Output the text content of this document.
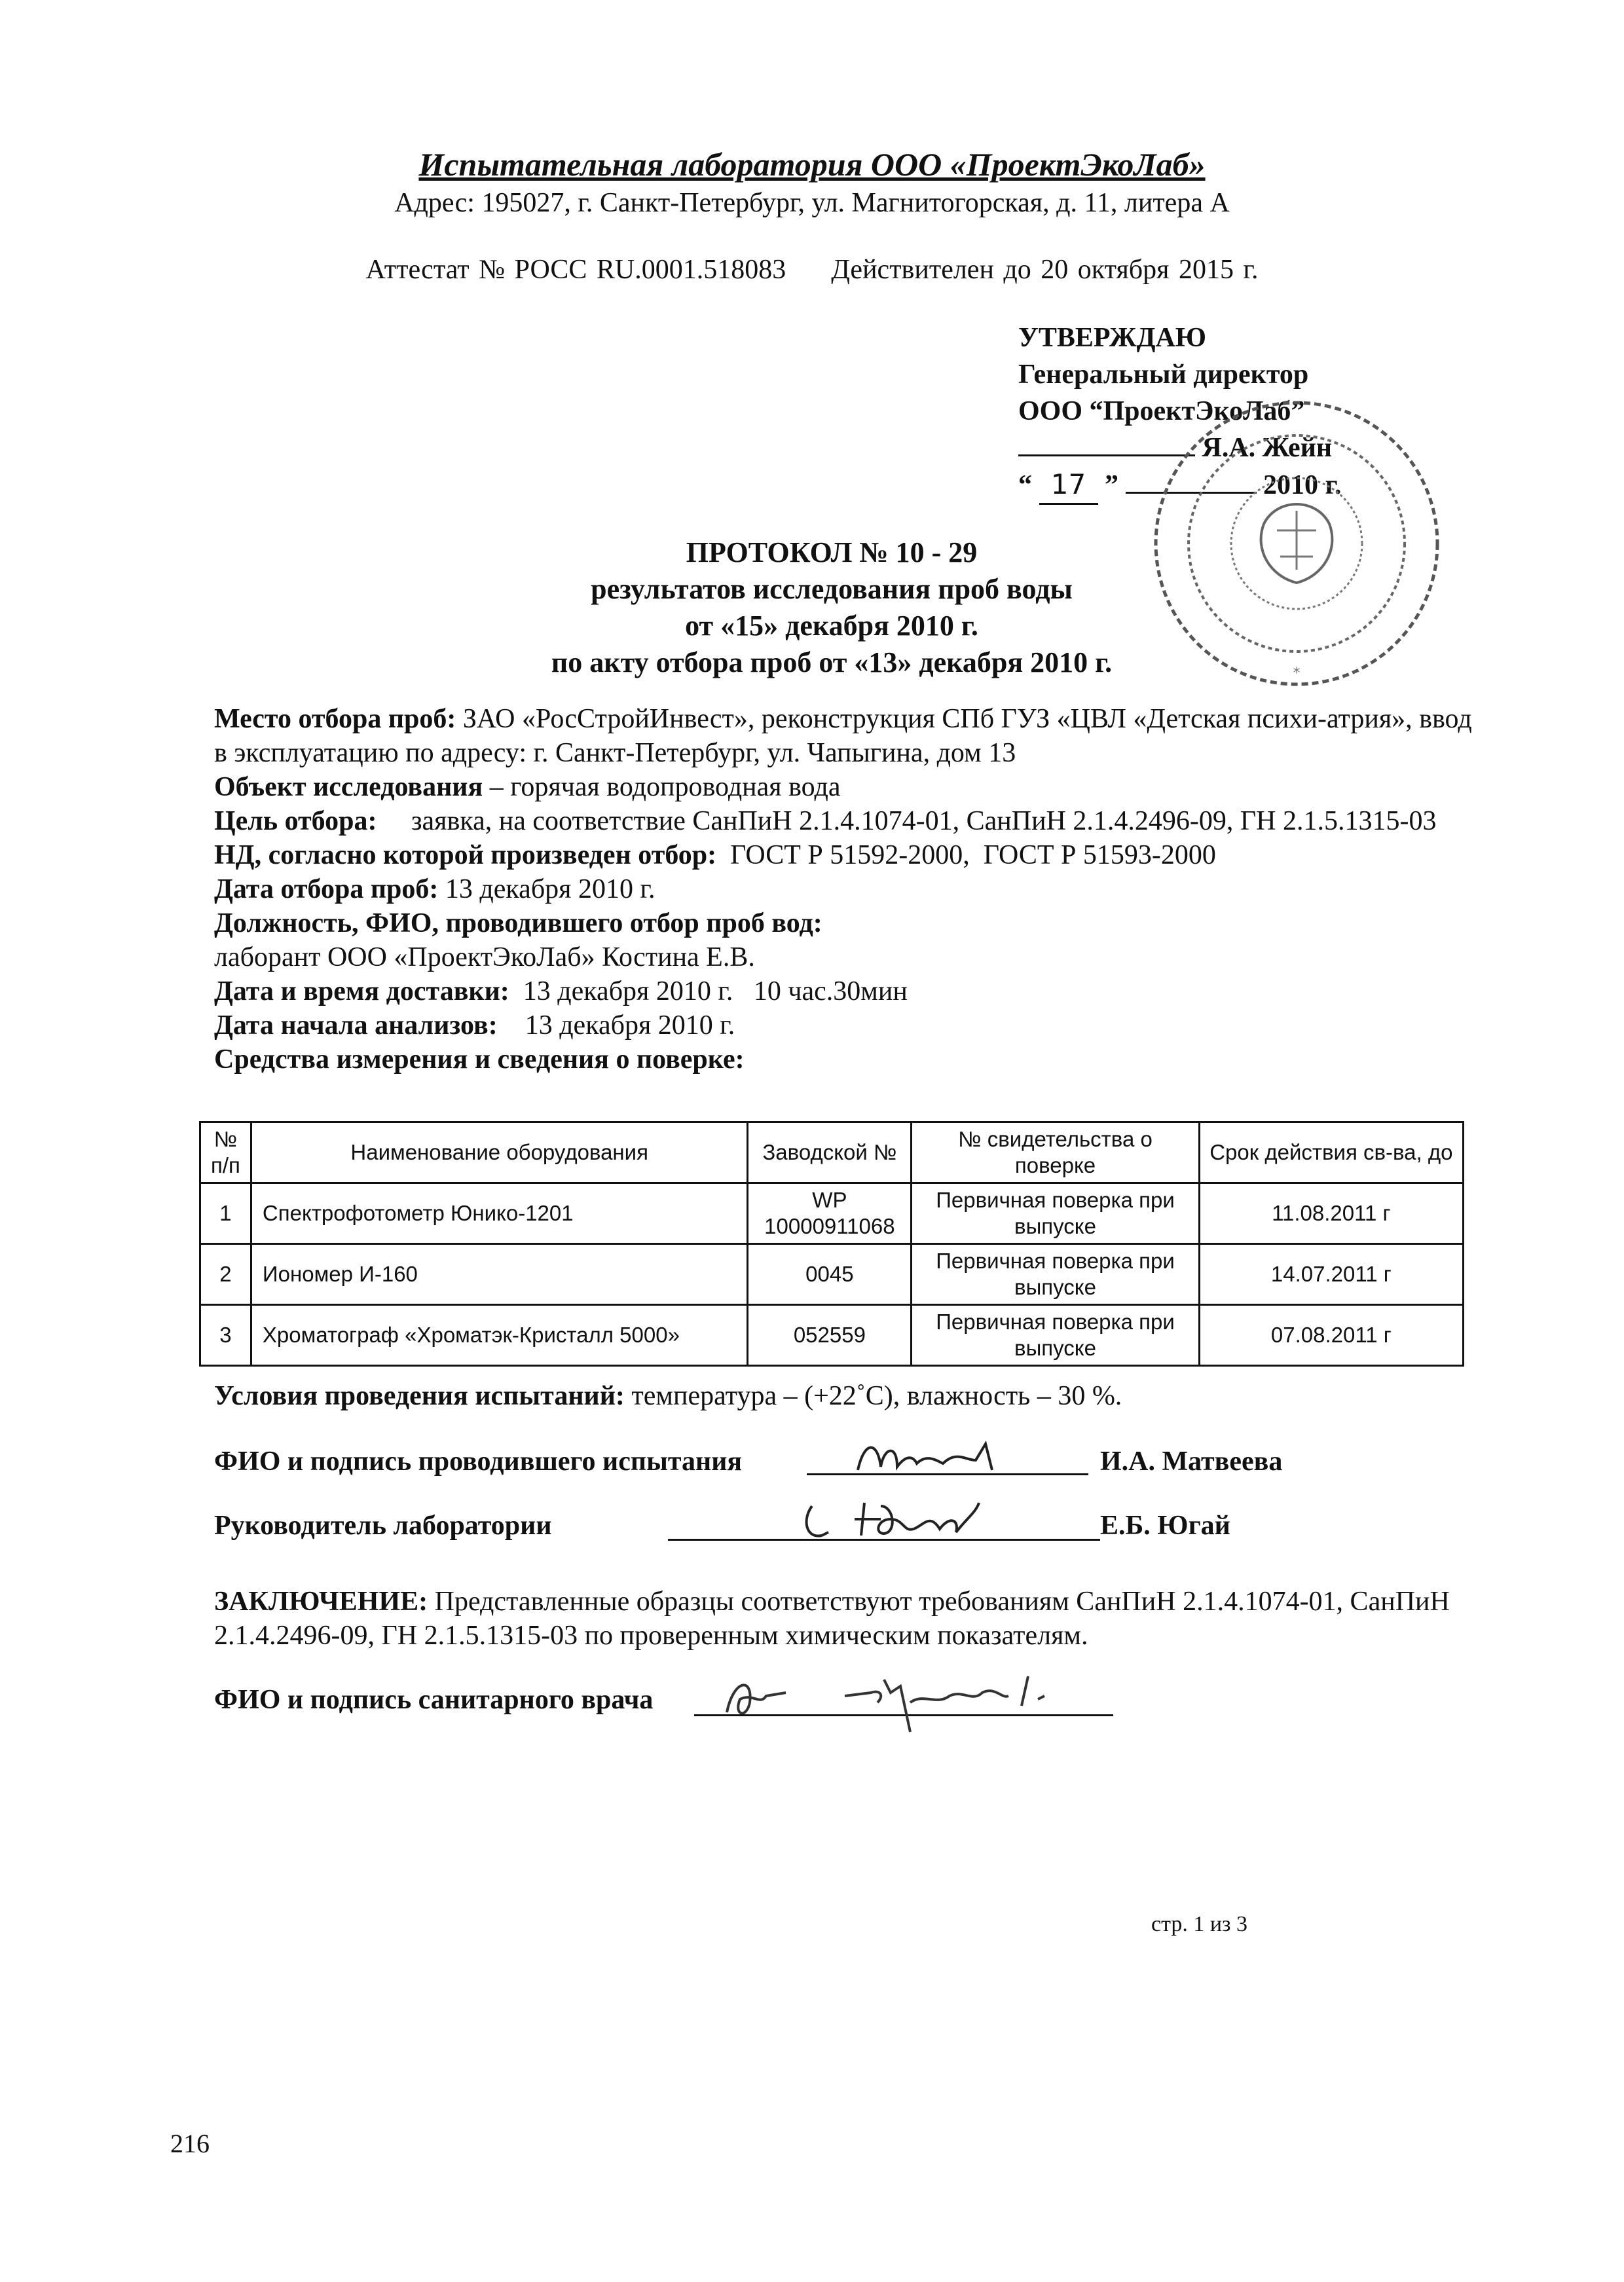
Испытательная лаборатория ООО «ПроектЭкоЛаб»
Адрес: 195027, г. Санкт-Петербург, ул. Магнитогорская, д. 11, литера А
Аттестат № РОСС RU.0001.518083 Действителен до 20 октября 2015 г.
УТВЕРЖДАЮ
Генеральный директор
ООО “ПроектЭкоЛаб”
Я.А. Жейн
“ 17 ”	2010 г.
*
ПРОТОКОЛ № 10 - 29
результатов исследования проб воды
от «15» декабря 2010 г.
по акту отбора проб от «13» декабря 2010 г.

Место отбора проб: ЗАО «РосСтройИнвест», реконструкция СПб ГУЗ «ЦВЛ «Детская психи-атрия», ввод в эксплуатацию по адресу: г. Санкт-Петербург, ул. Чапыгина, дом 13

Объект исследования – горячая водопроводная вода

Цель отбора:     заявка, на соответствие СанПиН 2.1.4.1074-01, СанПиН 2.1.4.2496-09, ГН 2.1.5.1315-03

НД, согласно которой произведен отбор:  ГОСТ Р 51592-2000,  ГОСТ Р 51593-2000

Дата отбора проб: 13 декабря 2010 г.

Должность, ФИО, проводившего отбор проб вод:

лаборант ООО «ПроектЭкоЛаб» Костина Е.В.

Дата и время доставки:  13 декабря 2010 г.   10 час.30мин

Дата начала анализов:    13 декабря 2010 г.

Средства измерения и сведения о поверке:

№ п/п	Наименование оборудования	Заводской №	№ свидетельства о поверке	Срок действия св-ва, до
1	Спектрофотометр Юнико-1201	WP 10000911068	Первичная поверка при выпуске	11.08.2011 г
2	Иономер И-160	0045	Первичная поверка при выпуске	14.07.2011 г
3	Хроматограф «Хроматэк-Кристалл 5000»	052559	Первичная поверка при выпуске	07.08.2011 г
Условия проведения испытаний: температура – (+22˚С), влажность – 30 %.
ФИО и подпись проводившего испытания	И.А. Матвеева
Руководитель лаборатории	Е.Б. Югай
ЗАКЛЮЧЕНИЕ: Представленные образцы соответствуют требованиям СанПиН 2.1.4.1074-01, СанПиН 2.1.4.2496-09, ГН 2.1.5.1315-03 по проверенным химическим показателям.
ФИО и подпись санитарного врача
стр. 1 из 3
216
